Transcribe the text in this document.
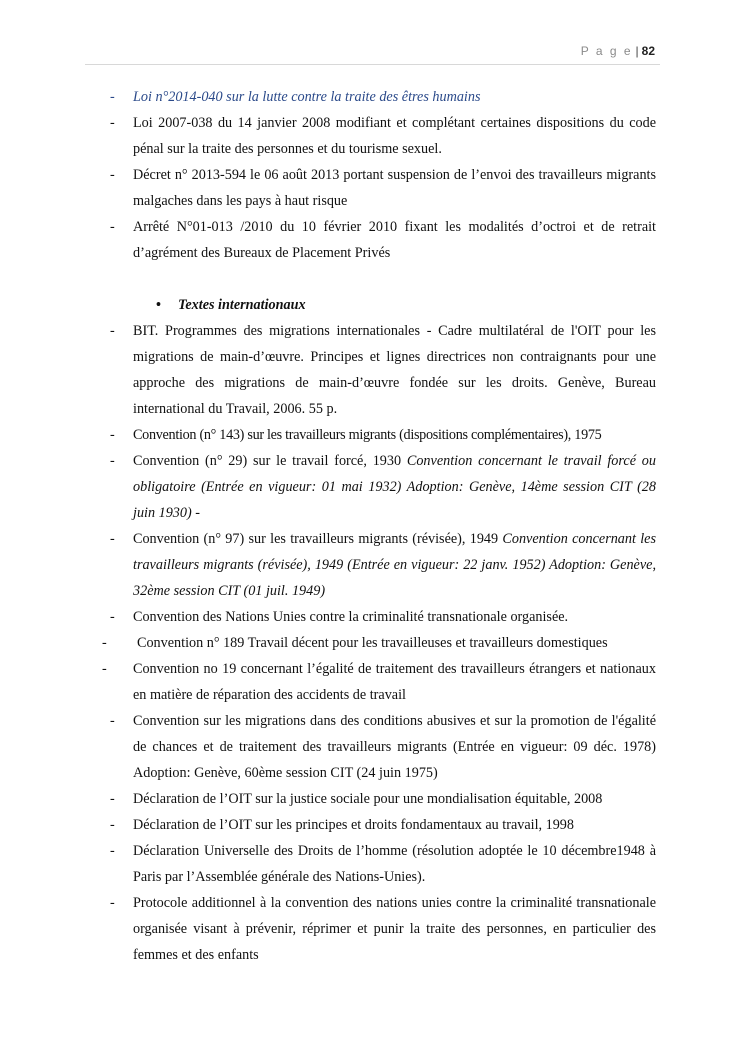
P a g e | 82
- Loi n°2014-040 sur la lutte contre la traite des êtres humains
- Loi 2007-038 du 14 janvier 2008 modifiant et complétant certaines dispositions du code pénal sur la traite des personnes et du tourisme sexuel.
- Décret n° 2013-594 le 06 août 2013 portant suspension de l’envoi des travailleurs migrants malgaches dans les pays à haut risque
- Arrêté N°01-013 /2010 du 10 février 2010 fixant les modalités d’octroi et de retrait d’agrément des Bureaux de Placement Privés
• Textes internationaux
- BIT. Programmes des migrations internationales - Cadre multilatéral de l'OIT pour les migrations de main-d’œuvre. Principes et lignes directrices non contraignants pour une approche des migrations de main-d’œuvre fondée sur les droits. Genève, Bureau international du Travail, 2006. 55 p.
- Convention (n° 143) sur les travailleurs migrants (dispositions complémentaires), 1975
- Convention (n° 29) sur le travail forcé, 1930 Convention concernant le travail forcé ou obligatoire (Entrée en vigueur: 01 mai 1932) Adoption: Genève, 14ème session CIT (28 juin 1930) -
- Convention (n° 97) sur les travailleurs migrants (révisée), 1949 Convention concernant les travailleurs migrants (révisée), 1949 (Entrée en vigueur: 22 janv. 1952) Adoption: Genève, 32ème session CIT (01 juil. 1949)
- Convention des Nations Unies contre la criminalité transnationale organisée.
- Convention n° 189 Travail décent pour les travailleuses et travailleurs domestiques
- Convention no 19 concernant l’égalité de traitement des travailleurs étrangers et nationaux en matière de réparation des accidents de travail
- Convention sur les migrations dans des conditions abusives et sur la promotion de l'égalité de chances et de traitement des travailleurs migrants (Entrée en vigueur: 09 déc. 1978) Adoption: Genève, 60ème session CIT (24 juin 1975)
- Déclaration de l’OIT sur la justice sociale pour une mondialisation équitable, 2008
- Déclaration de l’OIT sur les principes et droits fondamentaux au travail, 1998
- Déclaration Universelle des Droits de l’homme (résolution adoptée le 10 décembre1948 à Paris par l’Assemblée générale des Nations-Unies).
- Protocole additionnel à la convention des nations unies contre la criminalité transnationale organisée visant à prévenir, réprimer et punir la traite des personnes, en particulier des femmes et des enfants
